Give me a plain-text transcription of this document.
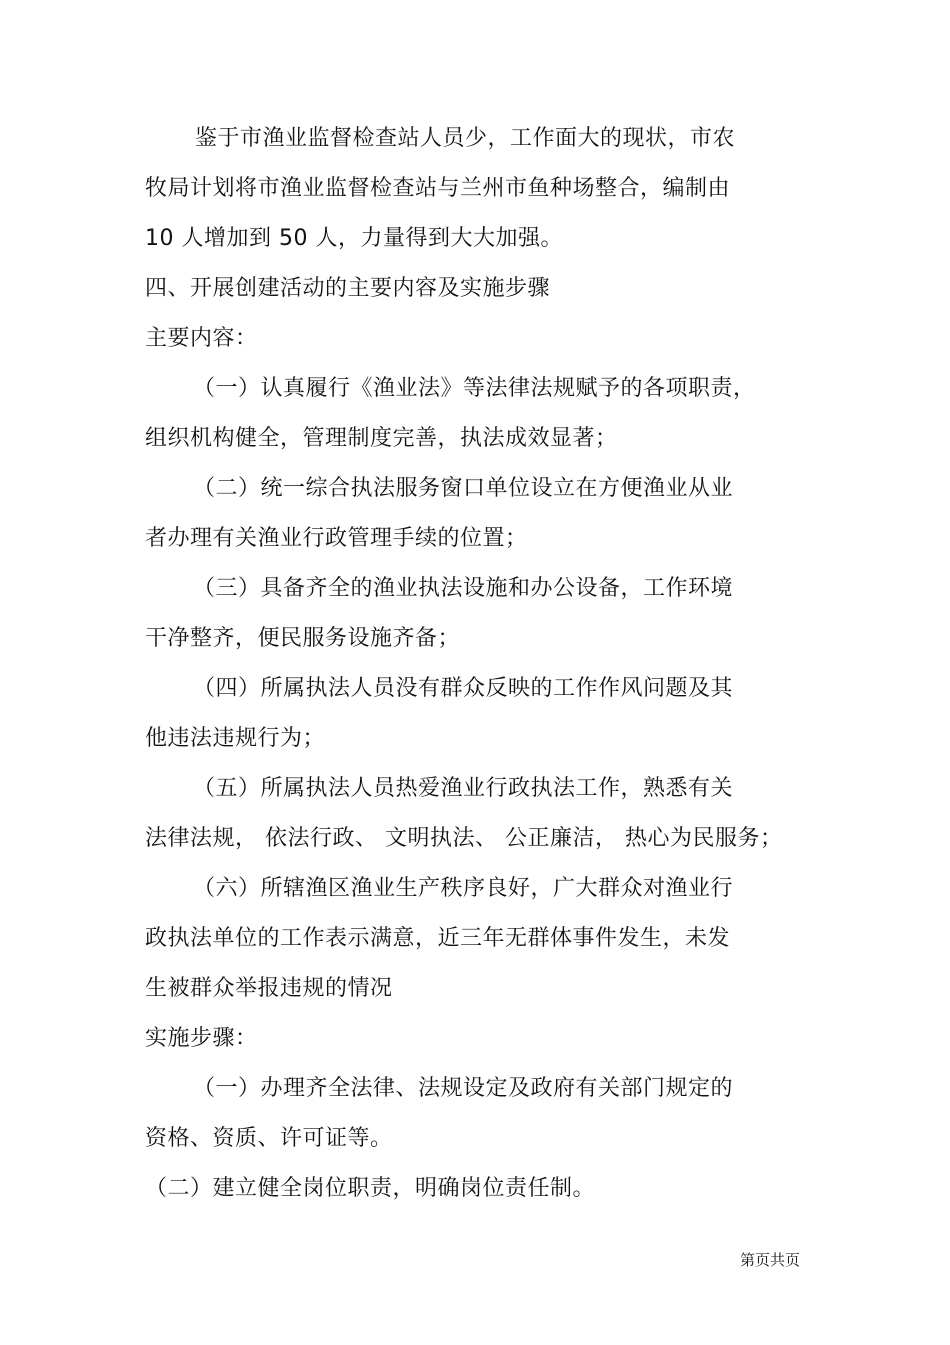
鉴于市渔业监督检查站人员少，工作面大的现状，市农
牧局计划将市渔业监督检查站与兰州市鱼种场整合，编制由
10 人增加到 50 人，力量得到大大加强。
四、开展创建活动的主要内容及实施步骤
主要内容：
（一）认真履行《渔业法》等法律法规赋予的各项职责，
组织机构健全，管理制度完善，执法成效显著；
（二）统一综合执法服务窗口单位设立在方便渔业从业
者办理有关渔业行政管理手续的位置；
（三）具备齐全的渔业执法设施和办公设备，工作环境
干净整齐，便民服务设施齐备；
（四）所属执法人员没有群众反映的工作作风问题及其
他违法违规行为；
（五）所属执法人员热爱渔业行政执法工作，熟悉有关
法律法规， 依法行政、 文明执法、 公正廉洁， 热心为民服务；
（六）所辖渔区渔业生产秩序良好，广大群众对渔业行
政执法单位的工作表示满意，近三年无群体事件发生，未发
生被群众举报违规的情况
实施步骤：
（一）办理齐全法律、法规设定及政府有关部门规定的
资格、资质、许可证等。
（二）建立健全岗位职责，明确岗位责任制。
第页共页
